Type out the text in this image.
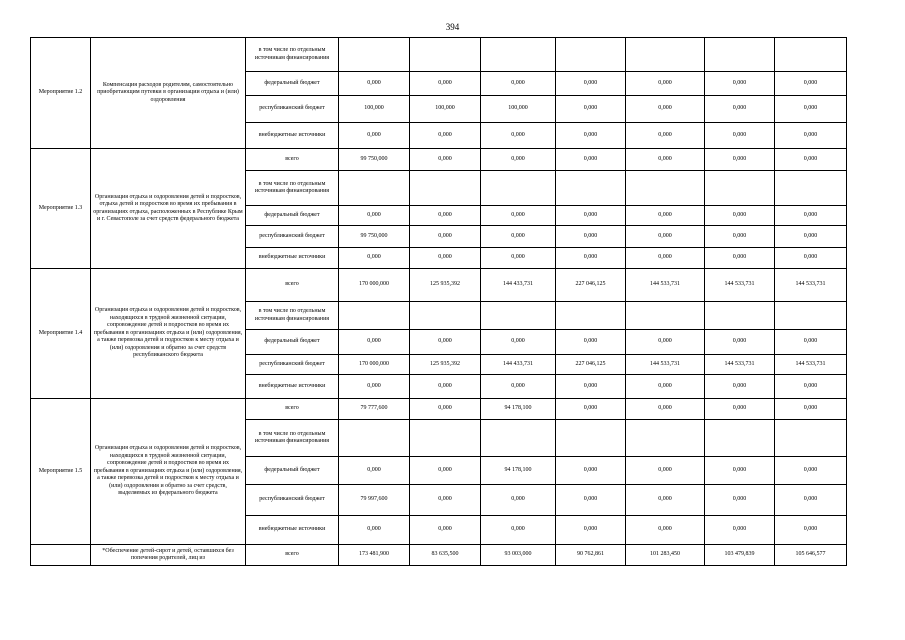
394
Мероприятие 1.2	Компенсация расходов родителям, самостоятельно приобретающим путевки в организации отдыха и (или) оздоровления	в том числе по отдельным источникам финансирования							
		федеральный бюджет	0,000	0,000	0,000	0,000	0,000	0,000	0,000
		республиканский бюджет	100,000	100,000	100,000	0,000	0,000	0,000	0,000
		внебюджетные источники	0,000	0,000	0,000	0,000	0,000	0,000	0,000
Мероприятие 1.3	Организация отдыха и оздоровления детей и подростков, отдыха детей и подростков во время их пребывания в организациях отдыха, расположенных в Республике Крым и г. Севастополе за счет средств федерального бюджета	всего	99 750,000	0,000	0,000	0,000	0,000	0,000	0,000
		в том числе по отдельным источникам финансирования							
		федеральный бюджет	0,000	0,000	0,000	0,000	0,000	0,000	0,000
		республиканский бюджет	99 750,000	0,000	0,000	0,000	0,000	0,000	0,000
		внебюджетные источники	0,000	0,000	0,000	0,000	0,000	0,000	0,000
Мероприятие 1.4	Организация отдыха и оздоровления детей и подростков, находящихся в трудной жизненной ситуации, сопровождение детей и подростков во время их пребывания в организациях отдыха и (или) оздоровления, а также перевозка детей и подростков к месту отдыха и (или) оздоровления и обратно за счет средств республиканского бюджета	всего	170 000,000	125 935,392	144 433,731	227 046,125	144 533,731	144 533,731	144 533,731
		в том числе по отдельным источникам финансирования							
		федеральный бюджет	0,000	0,000	0,000	0,000	0,000	0,000	0,000
		республиканский бюджет	170 000,000	125 935,392	144 433,731	227 046,125	144 533,731	144 533,731	144 533,731
		внебюджетные источники	0,000	0,000	0,000	0,000	0,000	0,000	0,000
Мероприятие 1.5	Организация отдыха и оздоровления детей и подростков, находящихся в трудной жизненной ситуации, сопровождение детей и подростков во время их пребывания в организациях отдыха и (или) оздоровления, а также перевозка детей и подростков к месту отдыха и (или) оздоровления и обратно за счет средств, выделяемых из федерального бюджета	всего	79 777,600	0,000	94 178,100	0,000	0,000	0,000	0,000
		в том числе по отдельным источникам финансирования							
		федеральный бюджет	0,000	0,000	94 178,100	0,000	0,000	0,000	0,000
		республиканский бюджет	79 997,600	0,000	0,000	0,000	0,000	0,000	0,000
		внебюджетные источники	0,000	0,000	0,000	0,000	0,000	0,000	0,000
	*Обеспечение детей-сирот и детей, оставшихся без попечения родителей, лиц из	всего	173 481,900	83 635,500	93 003,000	90 762,861	101 283,450	103 479,839	105 646,577
